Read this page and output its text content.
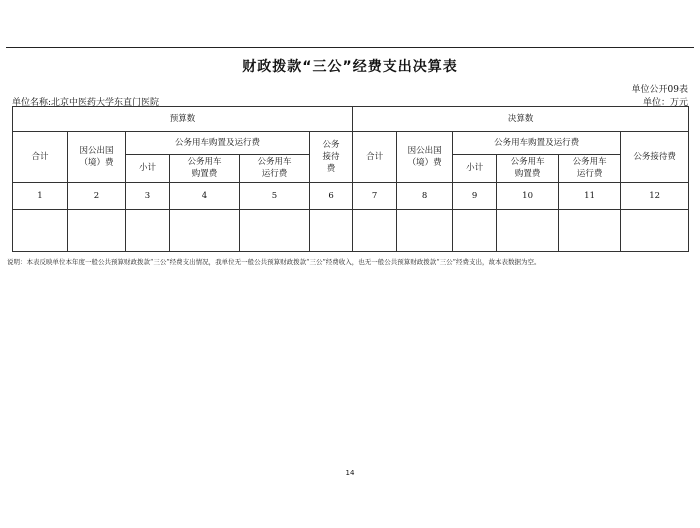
财政拨款“三公”经费支出决算表
单位公开09表
单位名称:北京中医药大学东直门医院	单位：万元
预算数						决算数					
合计	因公出国（境）费	公务用车购置及运行费			公务接待费	合计	因公出国（境）费	公务用车购置及运行费			公务接待费
		小计	公务用车购置费	公务用车运行费				小计	公务用车购置费	公务用车运行费	
1	2	3	4	5	6	7	8	9	10	11	12

说明：本表反映单位本年度一般公共预算财政拨款“三公”经费支出情况，我单位无一般公共预算财政拨款“三公”经费收入，也无一般公共预算财政拨款“三公”经费支出，故本表数据为空。
14
